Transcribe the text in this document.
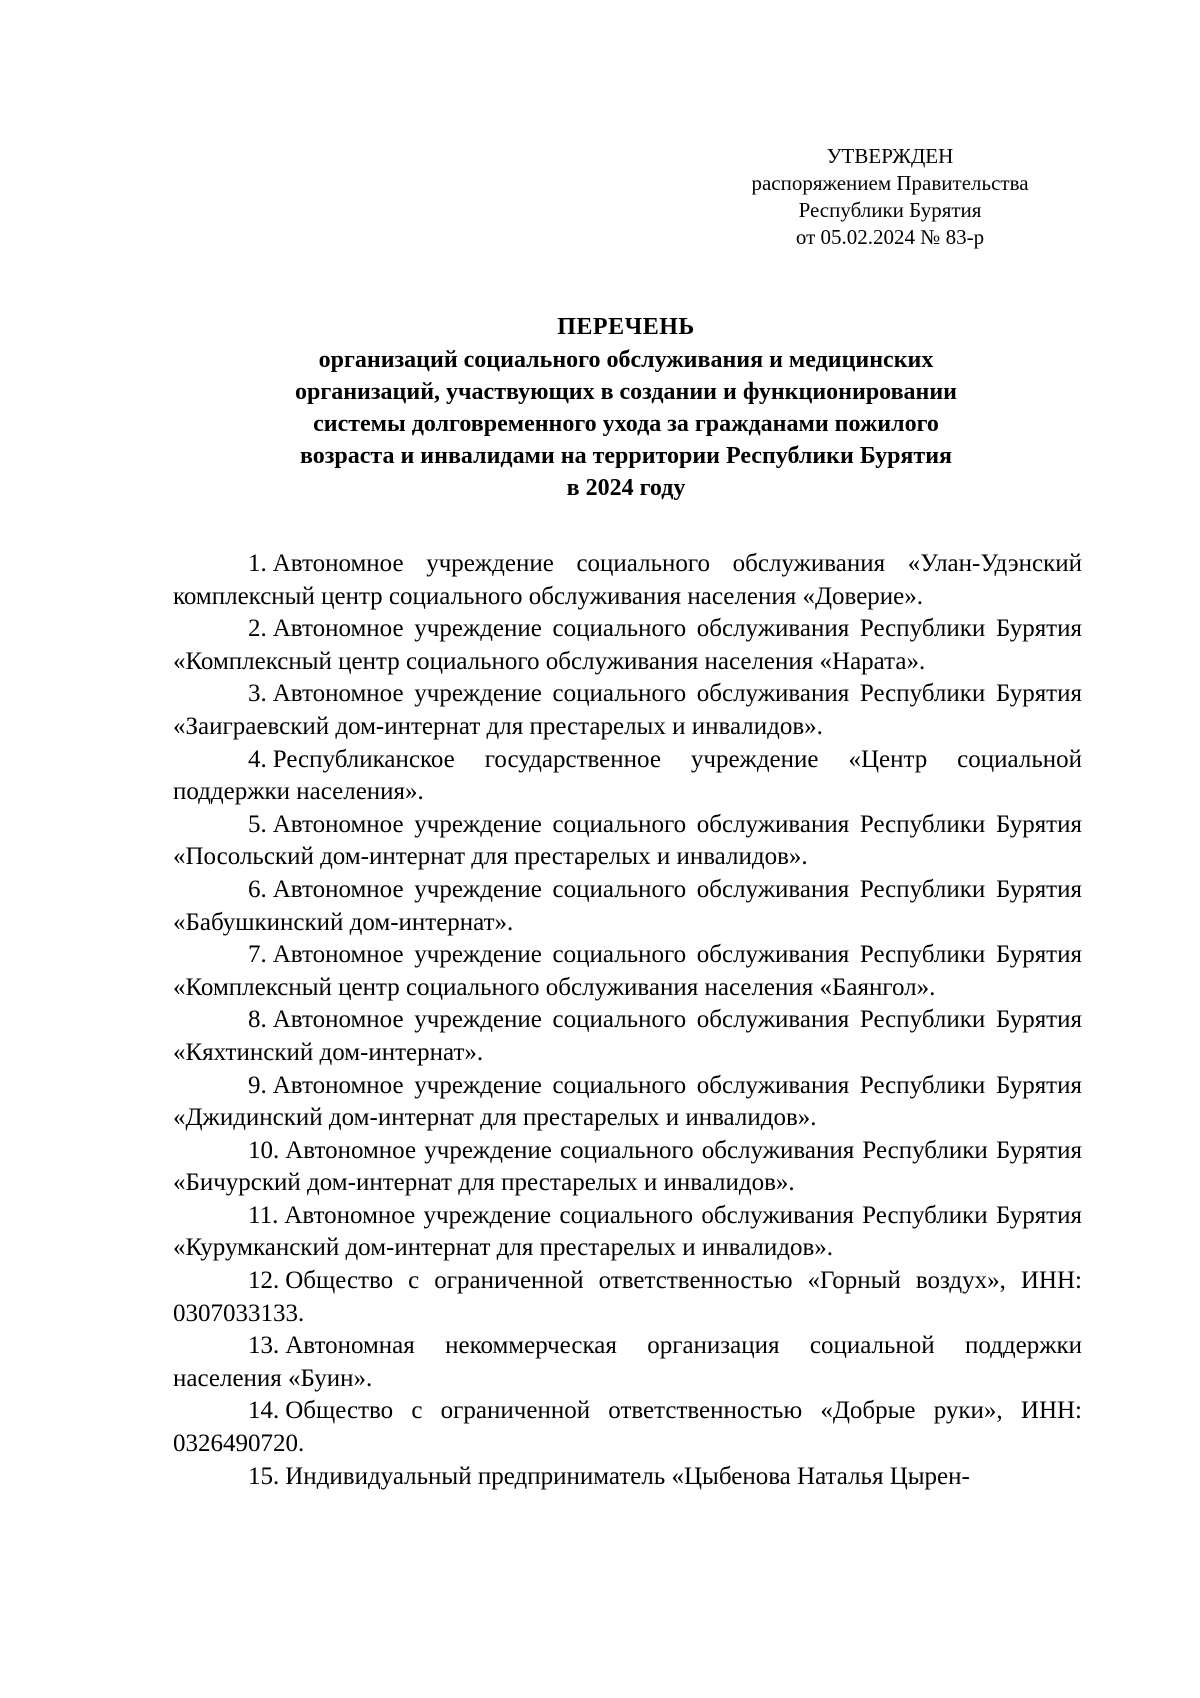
УТВЕРЖДЕН
распоряжением Правительства
Республики Бурятия
от 05.02.2024 № 83-р
ПЕРЕЧЕНЬ
организаций социального обслуживания и медицинских
организаций, участвующих в создании и функционировании
системы долговременного ухода за гражданами пожилого
возраста и инвалидами на территории Республики Бурятия
в 2024 году

1. Автономное учреждение социального обслуживания «Улан-Удэнский комплексный центр социального обслуживания населения «Доверие».

2. Автономное учреждение социального обслуживания Республики Бурятия «Комплексный центр социального обслуживания населения «Нарата».

3. Автономное учреждение социального обслуживания Республики Бурятия «Заиграевский дом-интернат для престарелых и инвалидов».

4. Республиканское государственное учреждение «Центр социальной поддержки населения».

5. Автономное учреждение социального обслуживания Республики Бурятия «Посольский дом-интернат для престарелых и инвалидов».

6. Автономное учреждение социального обслуживания Республики Бурятия «Бабушкинский дом-интернат».

7. Автономное учреждение социального обслуживания Республики Бурятия «Комплексный центр социального обслуживания населения «Баянгол».

8. Автономное учреждение социального обслуживания Республики Бурятия «Кяхтинский дом-интернат».

9. Автономное учреждение социального обслуживания Республики Бурятия «Джидинский дом-интернат для престарелых и инвалидов».

10. Автономное учреждение социального обслуживания Республики Бурятия «Бичурский дом-интернат для престарелых и инвалидов».

11. Автономное учреждение социального обслуживания Республики Бурятия «Курумканский дом-интернат для престарелых и инвалидов».

12. Общество с ограниченной ответственностью «Горный воздух», ИНН: 0307033133.

13. Автономная некоммерческая организация социальной поддержки населения «Буин».

14. Общество с ограниченной ответственностью «Добрые руки», ИНН: 0326490720.

15. Индивидуальный предприниматель «Цыбенова Наталья Цырен-
